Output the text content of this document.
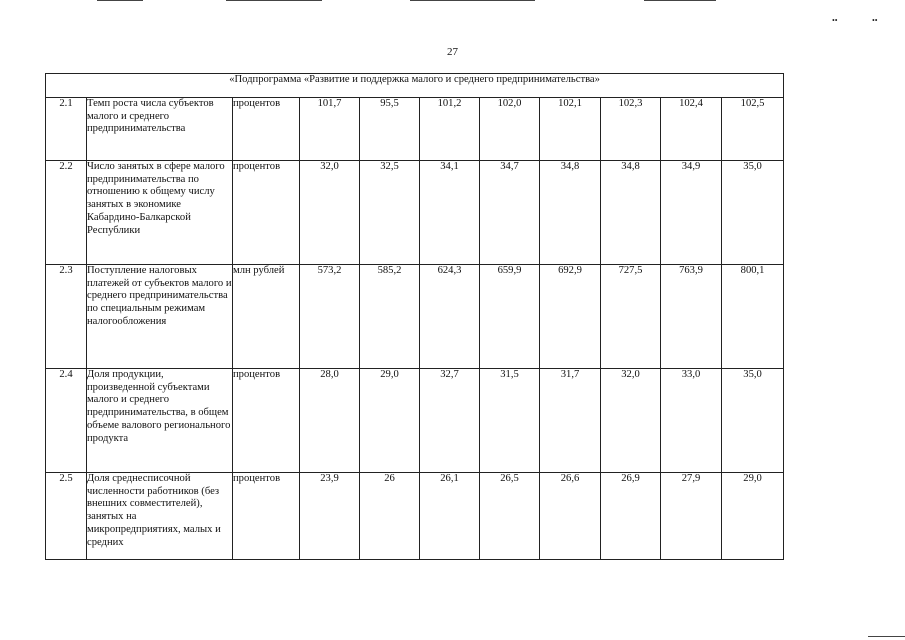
••	••
27
«Подпрограмма «Развитие и поддержка малого и среднего предпринимательства»										
2.1	Темп роста числа субъектов малого и среднего предпринимательства	процентов	101,7	95,5	101,2	102,0	102,1	102,3	102,4	102,5
2.2	Число занятых в сфере малого предпринимательства по отношению к общему числу занятых в экономике Кабардино-Балкарской Республики	процентов	32,0	32,5	34,1	34,7	34,8	34,8	34,9	35,0
2.3	Поступление налоговых платежей от субъектов малого и среднего предпринимательства по специальным режимам налогообложения	млн рублей	573,2	585,2	624,3	659,9	692,9	727,5	763,9	800,1
2.4	Доля продукции, произведенной субъектами малого и среднего предпринимательства, в общем объеме валового регионального продукта	процентов	28,0	29,0	32,7	31,5	31,7	32,0	33,0	35,0
2.5	Доля среднесписочной численности работников (без внешних совместителей), занятых на микропредприятиях, малых и средних	процентов	23,9	26	26,1	26,5	26,6	26,9	27,9	29,0
